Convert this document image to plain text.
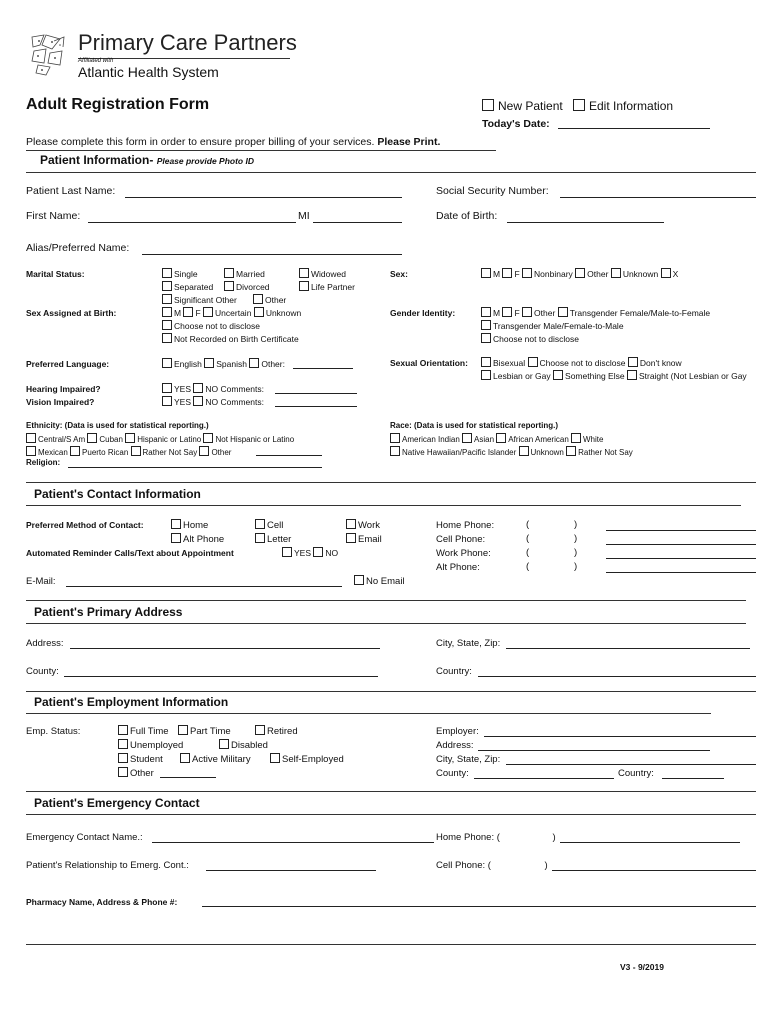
Primary Care Partners
Affiliated with
Atlantic Health System
Adult Registration Form	New Patient	Edit Information
Today's Date:
Please complete this form in order to ensure proper billing of your services. Please Print.
Patient Information- Please provide Photo ID
Patient Last Name:	Social Security Number:
First Name:	MI	Date of Birth:
Alias/Preferred Name:
Marital Status:	Single	Married	Widowed
Separated	Divorced	Life Partner
Significant Other	Other
Sex:	M F Nonbinary Other Unknown X
Sex Assigned at Birth:	M F Uncertain Unknown
Choose not to disclose
Not Recorded on Birth Certificate
Gender Identity:	M F Other Transgender Female/Male-to-Female
Transgender Male/Female-to-Male
Choose not to disclose
Preferred Language:	English Spanish Other:	Sexual Orientation:	Bisexual Choose not to disclose Don't know
Lesbian or Gay Something Else Straight (Not Lesbian or Gay
Hearing Impaired?	YES NO Comments:
Vision Impaired?	YES NO Comments:
Ethnicity: (Data is used for statistical reporting.)
Central/S Am Cuban Hispanic or Latino Not Hispanic or Latino
Mexican Puerto Rican Rather Not Say Other
Religion:
Race: (Data is used for statistical reporting.)
American Indian Asian African American White
Native Hawaiian/Pacific Islander Unknown Rather Not Say
Patient's Contact Information
Preferred Method of Contact:	Home	Cell	Work
Alt Phone	Letter	Email
Automated Reminder Calls/Text about Appointment	YES NO
Home Phone:	(                 )
Cell Phone:	(                 )
Work Phone:	(                 )
Alt Phone:	(                 )
E-Mail:	No Email
Patient's Primary Address
Address:	City, State, Zip:
County:	Country:
Patient's Employment Information
Emp. Status:	Full Time	Part Time	Retired
Unemployed	Disabled
Student	Active Military	Self-Employed
Other
Employer:
Address:
City, State, Zip:
County:	Country:
Patient's Emergency Contact
Emergency Contact Name.:	Home Phone: ( )
Patient's Relationship to Emerg. Cont.:	Cell Phone: ( )
Pharmacy Name, Address & Phone #:
V3 - 9/2019
